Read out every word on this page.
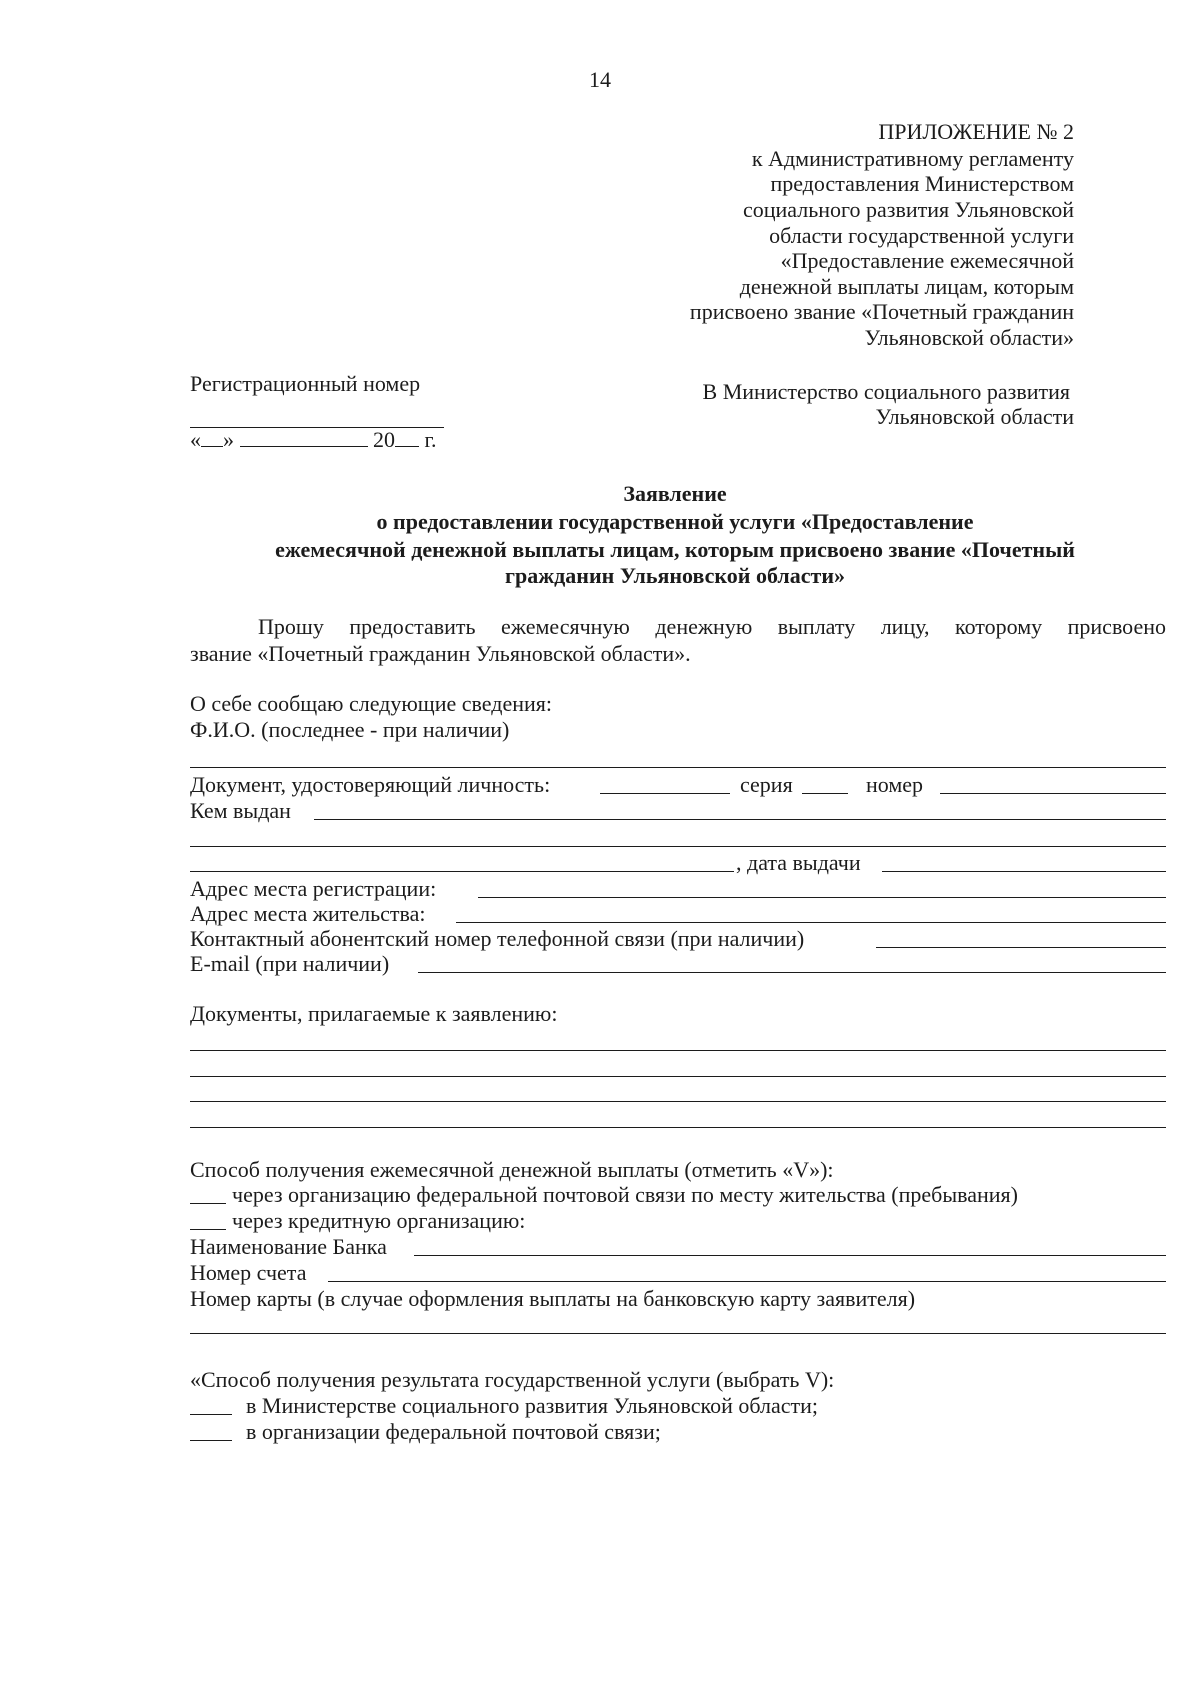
14
ПРИЛОЖЕНИЕ № 2
к Административному регламенту
предоставления Министерством
социального развития Ульяновской
области государственной услуги
«Предоставление ежемесячной
денежной выплаты лицам, которым
присвоено звание «Почетный гражданин
Ульяновской области»
Регистрационный номер
« »	20 г.
В Министерство социального развития
Ульяновской области
Заявление
о предоставлении государственной услуги «Предоставление
ежемесячной денежной выплаты лицам, которым присвоено звание «Почетный
гражданин Ульяновской области»
Прошу предоставить ежемесячную денежную выплату лицу, которому присвоено
звание «Почетный гражданин Ульяновской области».
О себе сообщаю следующие сведения:
Ф.И.О. (последнее - при наличии)
Документ, удостоверяющий личность:	серия	номер
Кем выдан
, дата выдачи
Адрес места регистрации:
Адрес места жительства:
Контактный абонентский номер телефонной связи (при наличии)
E-mail (при наличии)
Документы, прилагаемые к заявлению:
Способ получения ежемесячной денежной выплаты (отметить «V»):
через организацию федеральной почтовой связи по месту жительства (пребывания)
через кредитную организацию:
Наименование Банка
Номер счета
Номер карты (в случае оформления выплаты на банковскую карту заявителя)
«Способ получения результата государственной услуги (выбрать V):
в Министерстве социального развития Ульяновской области;
в организации федеральной почтовой связи;
